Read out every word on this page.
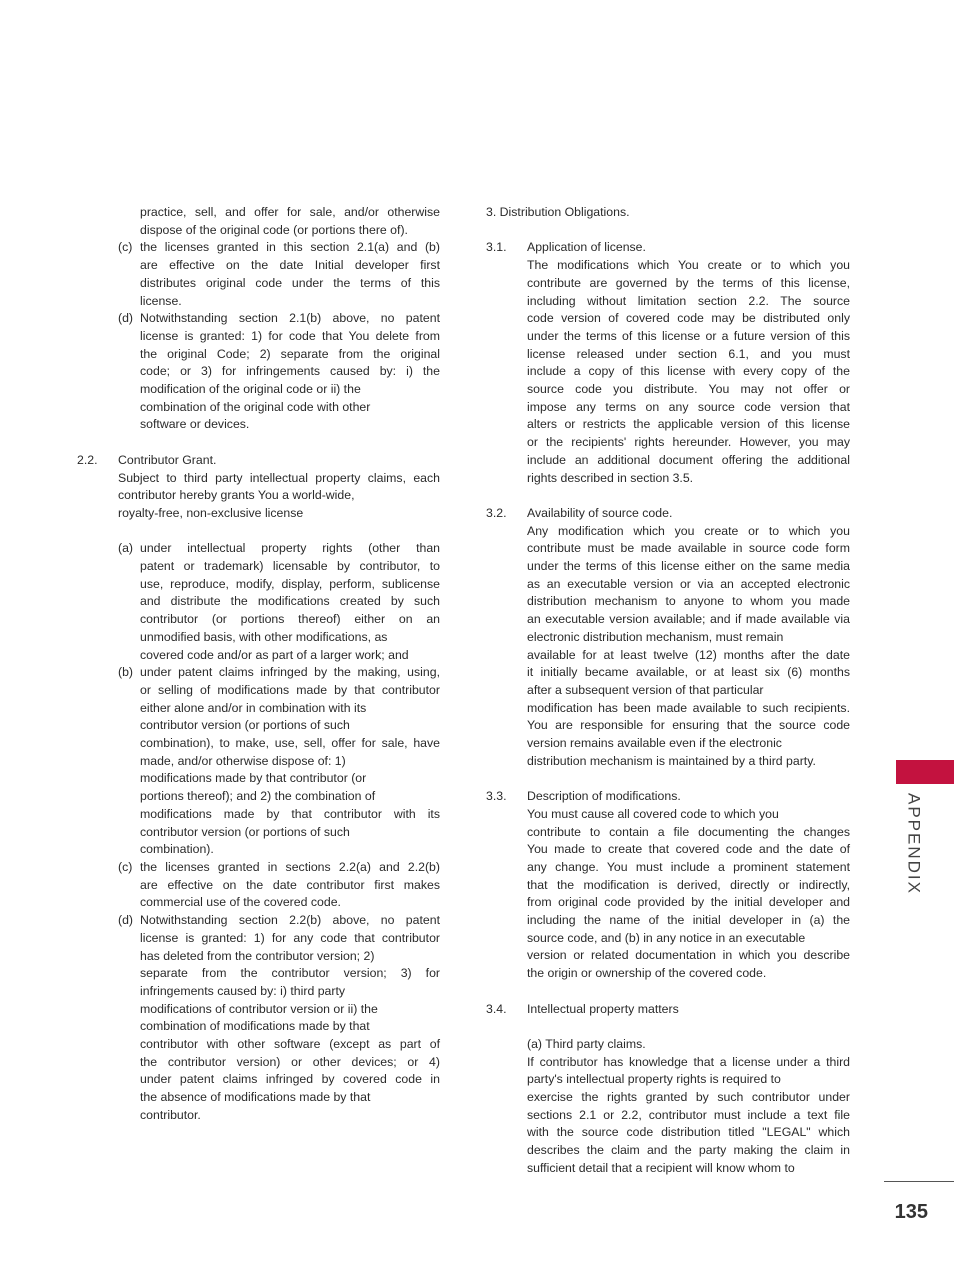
practice, sell, and offer for sale, and/or otherwise

dispose of the original code (or portions there of).

(c) the licenses granted in this section 2.1(a) and (b)

are effective on the date Initial developer first

distributes original code under the terms of this

license.

(d) Notwithstanding section 2.1(b) above, no patent

license is granted: 1) for code that You delete from

the original Code; 2) separate from the original

code; or 3) for infringements caused by: i) the

modification of the original code or ii) the

combination of the original code with other

software or devices.

2.2. Contributor Grant.

Subject to third party intellectual property claims, each

contributor hereby grants You a world-wide,

royalty-free, non-exclusive license

(a) under intellectual property rights (other than

patent or trademark) licensable by contributor, to

use, reproduce, modify, display, perform, sublicense

and distribute the modifications created by such

contributor (or portions thereof) either on an

unmodified basis, with other modifications, as

covered code and/or as part of a larger work; and

(b) under patent claims infringed by the making, using,

or selling of modifications made by that contributor

either alone and/or in combination with its

contributor version (or portions of such

combination), to make, use, sell, offer for sale, have

made, and/or otherwise dispose of: 1)

modifications made by that contributor (or

portions thereof); and 2) the combination of

modifications made by that contributor with its

contributor version (or portions of such

combination).

(c) the licenses granted in sections 2.2(a) and 2.2(b)

are effective on the date contributor first makes

commercial use of the covered code.

(d) Notwithstanding section 2.2(b) above, no patent

license is granted: 1) for any code that contributor

has deleted from the contributor version; 2)

separate from the contributor version; 3) for

infringements caused by: i) third party

modifications of contributor version or ii) the

combination of modifications made by that

contributor with other software (except as part of

the contributor version) or other devices; or 4)

under patent claims infringed by covered code in

the absence of modifications made by that

contributor.

3. Distribution Obligations.

3.1. Application of license.

The modifications which You create or to which you

contribute are governed by the terms of this license,

including without limitation section 2.2. The source

code version of covered code may be distributed only

under the terms of this license or a future version of this

license released under section 6.1, and you must

include a copy of this license with every copy of the

source code you distribute. You may not offer or

impose any terms on any source code version that

alters or restricts the applicable version of this license

or the recipients' rights hereunder. However, you may

include an additional document offering the additional

rights described in section 3.5.

3.2. Availability of source code.

Any modification which you create or to which you

contribute must be made available in source code form

under the terms of this license either on the same media

as an executable version or via an accepted electronic

distribution mechanism to anyone to whom you made

an executable version available; and if made available via

electronic distribution mechanism, must remain

available for at least twelve (12) months after the date

it initially became available, or at least six (6) months

after a subsequent version of that particular

modification has been made available to such recipients.

You are responsible for ensuring that the source code

version remains available even if the electronic

distribution mechanism is maintained by a third party.

3.3. Description of modifications.

You must cause all covered code to which you

contribute to contain a file documenting the changes

You made to create that covered code and the date of

any change. You must include a prominent statement

that the modification is derived, directly or indirectly,

from original code provided by the initial developer and

including the name of the initial developer in (a) the

source code, and (b) in any notice in an executable

version or related documentation in which you describe

the origin or ownership of the covered code.

3.4. Intellectual property matters

(a) Third party claims.

If contributor has knowledge that a license under a third

party's intellectual property rights is required to

exercise the rights granted by such contributor under

sections 2.1 or 2.2, contributor must include a text file

with the source code distribution titled "LEGAL" which

describes the claim and the party making the claim in

sufficient detail that a recipient will know whom to

APPENDIX
135
